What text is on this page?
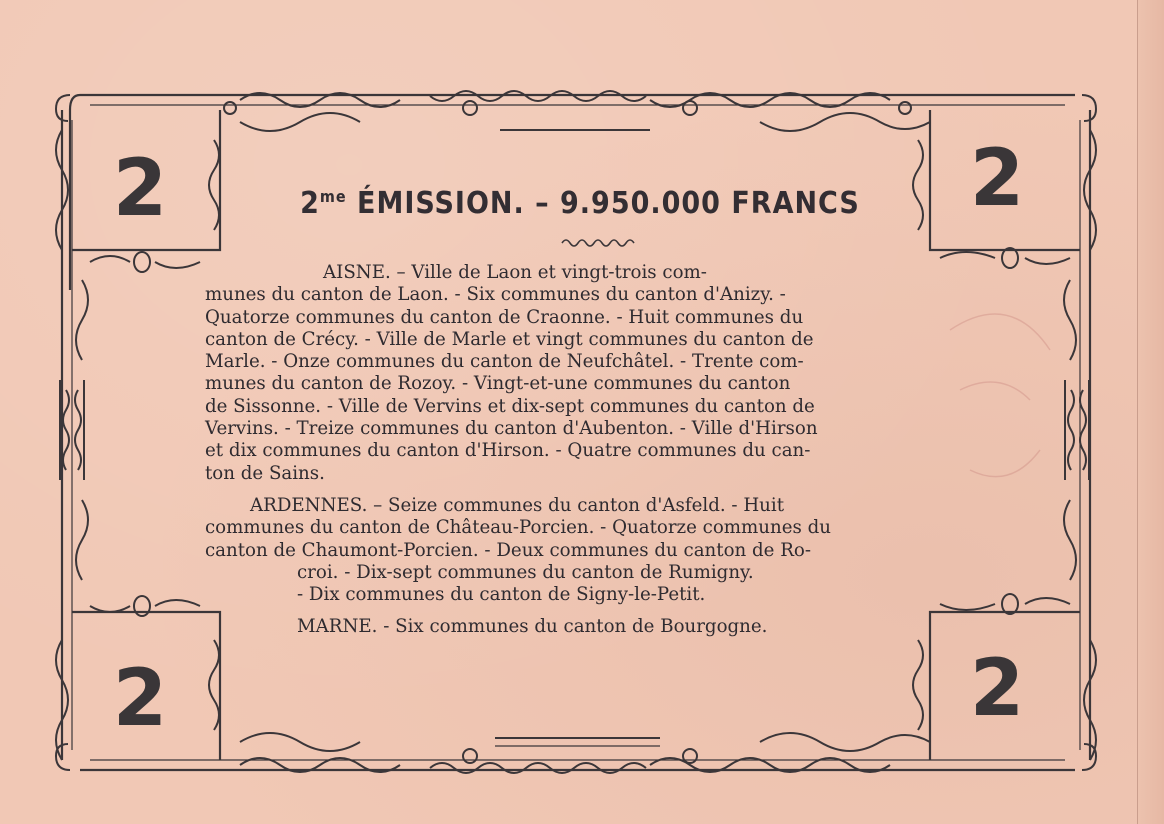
2	2
2	2
$2^{me}$ ÉMISSION. – 9.950.000 FRANCS

AISNE. – Ville de Laon et vingt-trois com-

munes du canton de Laon. - Six communes du canton d'Anizy. -

Quatorze communes du canton de Craonne. - Huit communes du

canton de Crécy. - Ville de Marle et vingt communes du canton de

Marle. - Onze communes du canton de Neufchâtel. - Trente com-

munes du canton de Rozoy. - Vingt-et-une communes du canton

de Sissonne. - Ville de Vervins et dix-sept communes du canton de

Vervins. - Treize communes du canton d'Aubenton. - Ville d'Hirson

et dix communes du canton d'Hirson. - Quatre communes du can-

ton de Sains.

ARDENNES. – Seize communes du canton d'Asfeld. - Huit

communes du canton de Château-Porcien. - Quatorze communes du

canton de Chaumont-Porcien. - Deux communes du canton de Ro-

croi. - Dix-sept communes du canton de Rumigny.

- Dix communes du canton de Signy-le-Petit.

MARNE. - Six communes du canton de Bourgogne.
